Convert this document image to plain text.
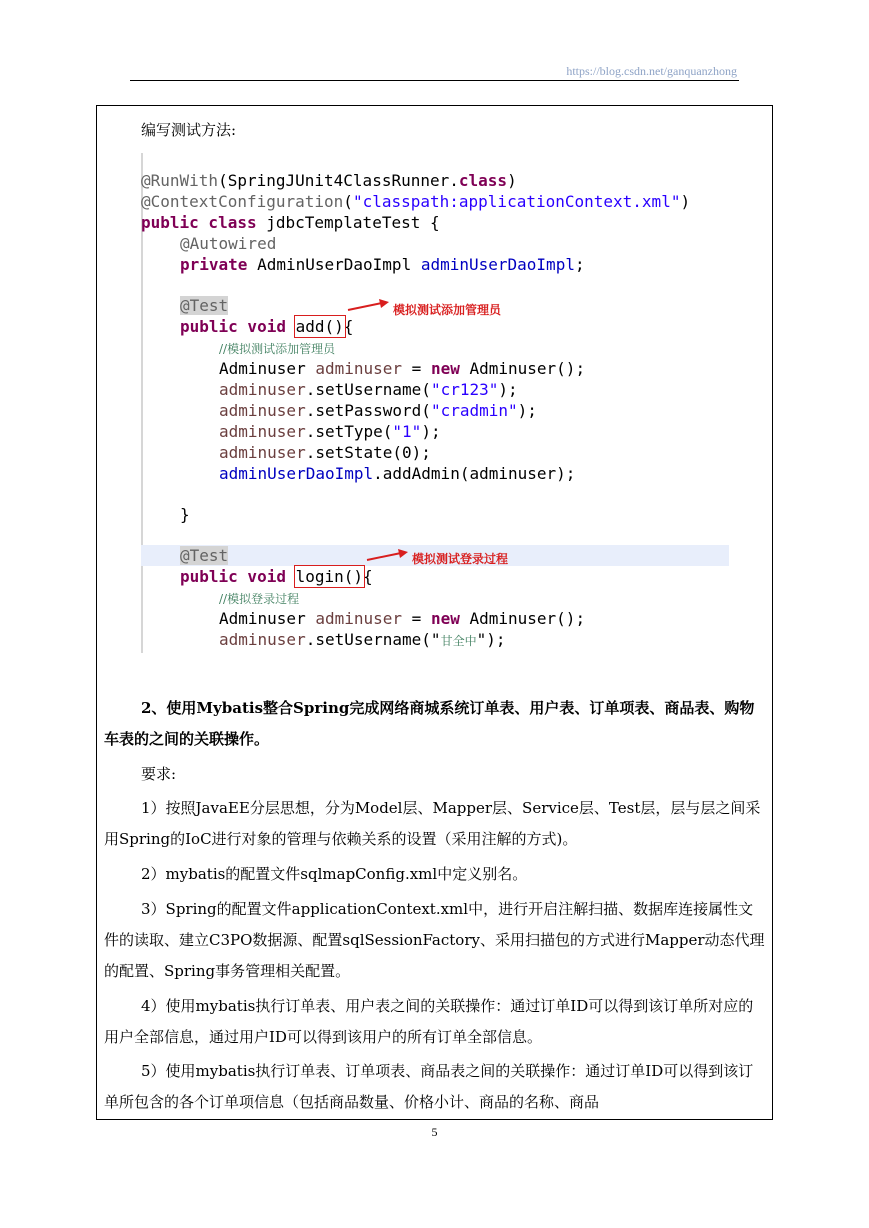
https://blog.csdn.net/ganquanzhong
编写测试方法:
@RunWith(SpringJUnit4ClassRunner.class)
@ContextConfiguration("classpath:applicationContext.xml")
public class jdbcTemplateTest {
@Autowired
private AdminUserDaoImpl adminUserDaoImpl;
@Test
public void add(){
//模拟测试添加管理员
Adminuser adminuser = new Adminuser();
adminuser.setUsername("cr123");
adminuser.setPassword("cradmin");
adminuser.setType("1");
adminuser.setState(0);
adminUserDaoImpl.addAdmin(adminuser);
}
@Test
public void login(){
//模拟登录过程
Adminuser adminuser = new Adminuser();
adminuser.setUsername("甘全中");
模拟测试添加管理员
模拟测试登录过程
2、使用Mybatis整合Spring完成网络商城系统订单表、用户表、订单项表、商品表、购物车表的之间的关联操作。
要求:
1）按照JavaEE分层思想，分为Model层、Mapper层、Service层、Test层，层与层之间采用Spring的IoC进行对象的管理与依赖关系的设置（采用注解的方式)。
2）mybatis的配置文件sqlmapConfig.xml中定义别名。
3）Spring的配置文件applicationContext.xml中，进行开启注解扫描、数据库连接属性文件的读取、建立C3PO数据源、配置sqlSessionFactory、采用扫描包的方式进行Mapper动态代理的配置、Spring事务管理相关配置。
4）使用mybatis执行订单表、用户表之间的关联操作：通过订单ID可以得到该订单所对应的用户全部信息，通过用户ID可以得到该用户的所有订单全部信息。
5）使用mybatis执行订单表、订单项表、商品表之间的关联操作：通过订单ID可以得到该订单所包含的各个订单项信息（包括商品数量、价格小计、商品的名称、商品
5
